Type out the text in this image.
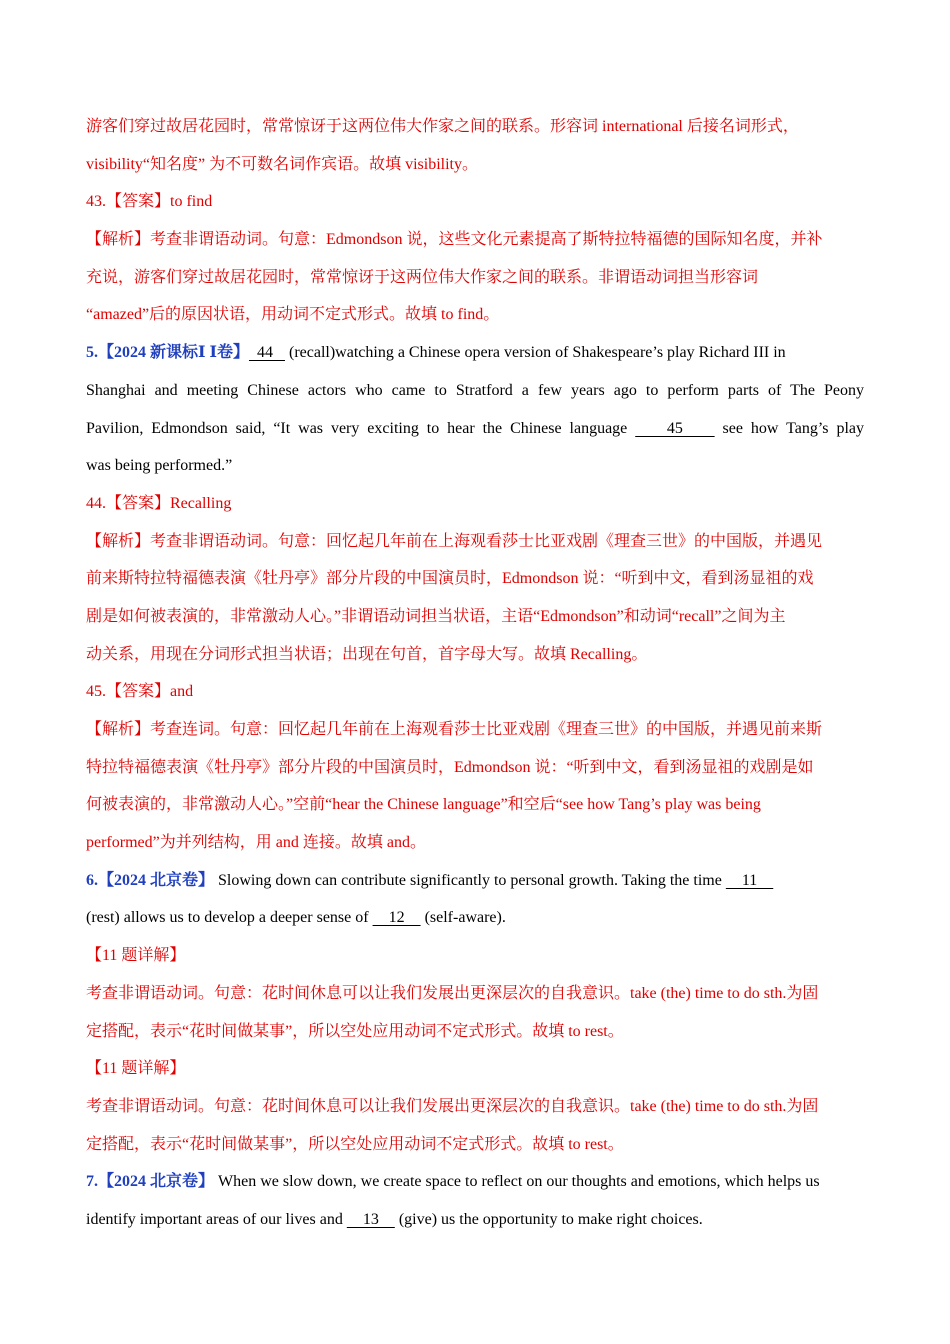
游客们穿过故居花园时，常常惊讶于这两位伟大作家之间的联系。形容词 international 后接名词形式，
visibility“知名度” 为不可数名词作宾语。故填 visibility。
43.【答案】to find
【解析】考查非谓语动词。句意：Edmondson 说，这些文化元素提高了斯特拉特福德的国际知名度，并补
充说，游客们穿过故居花园时，常常惊讶于这两位伟大作家之间的联系。非谓语动词担当形容词
“amazed”后的原因状语，用动词不定式形式。故填 to find。
5.【2024 新课标Ⅰ Ⅰ卷】  44    (recall)watching a Chinese opera version of Shakespeare’s play Richard III in
Shanghai and meeting Chinese actors who came to Stratford a few years ago to perform parts of The Peony
Pavilion, Edmondson said, “It was very exciting to hear the Chinese language     45     see how Tang’s play
was being performed.”
44.【答案】Recalling
【解析】考查非谓语动词。句意：回忆起几年前在上海观看莎士比亚戏剧《理查三世》的中国版，并遇见
前来斯特拉特福德表演《牡丹亭》部分片段的中国演员时，Edmondson 说：“听到中文，看到汤显祖的戏
剧是如何被表演的，非常激动人心。”非谓语动词担当状语，主语“Edmondson”和动词“recall”之间为主
动关系，用现在分词形式担当状语；出现在句首，首字母大写。故填 Recalling。
45.【答案】and
【解析】考查连词。句意：回忆起几年前在上海观看莎士比亚戏剧《理查三世》的中国版，并遇见前来斯
特拉特福德表演《牡丹亭》部分片段的中国演员时，Edmondson 说：“听到中文，看到汤显祖的戏剧是如
何被表演的，非常激动人心。”空前“hear the Chinese language”和空后“see how Tang’s play was being
performed”为并列结构，用 and 连接。故填 and。
6.【2024 北京卷】 Slowing down can contribute significantly to personal growth. Taking the time     11
(rest) allows us to develop a deeper sense of     12     (self-aware).
【11 题详解】
考查非谓语动词。句意：花时间休息可以让我们发展出更深层次的自我意识。take (the) time to do sth.为固
定搭配，表示“花时间做某事”，所以空处应用动词不定式形式。故填 to rest。
【11 题详解】
考查非谓语动词。句意：花时间休息可以让我们发展出更深层次的自我意识。take (the) time to do sth.为固
定搭配，表示“花时间做某事”，所以空处应用动词不定式形式。故填 to rest。
7.【2024 北京卷】 When we slow down, we create space to reflect on our thoughts and emotions, which helps us
identify important areas of our lives and     13     (give) us the opportunity to make right choices.
